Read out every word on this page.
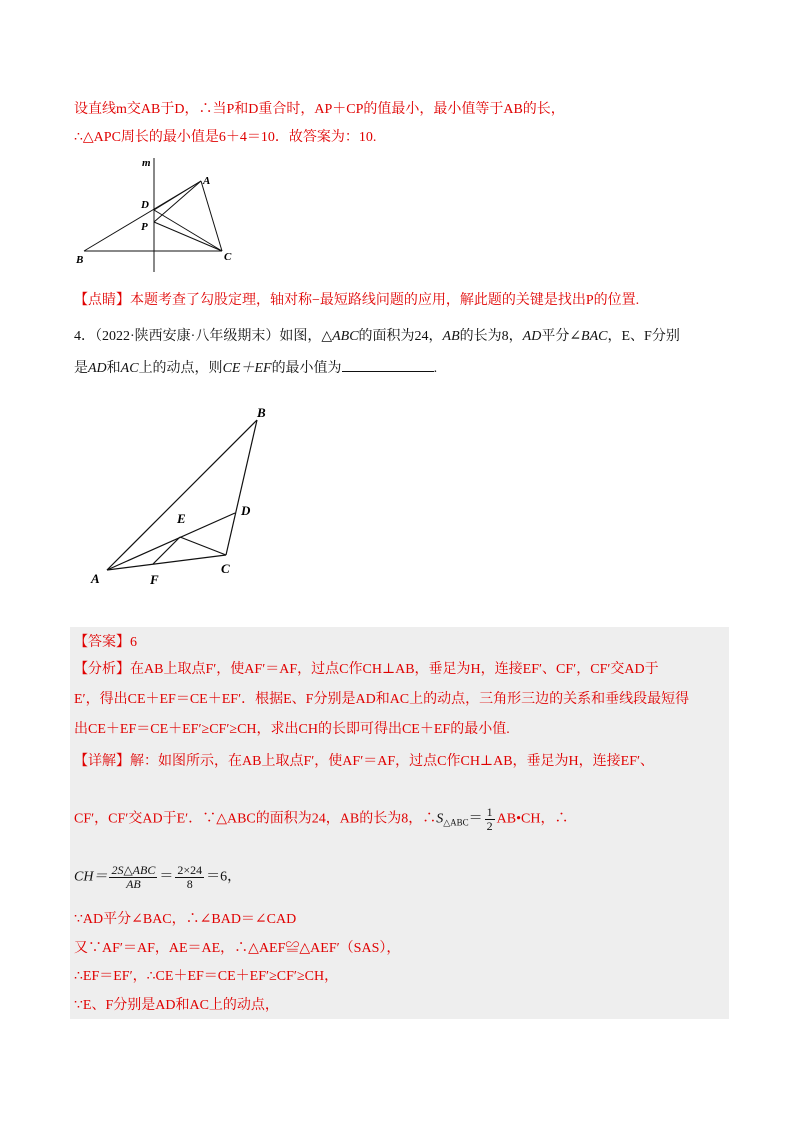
设直线m交AB于D，∴当P和D重合时，AP＋CP的值最小，最小值等于AB的长，
∴△APC周长的最小值是6＋4＝10．故答案为：10.
m
A
D
P
B	C
【点睛】本题考查了勾股定理，轴对称−最短路线问题的应用，解此题的关键是找出P的位置.
4．（2022·陕西安康·八年级期末）如图，△ABC的面积为24，AB的长为8，AD平分∠BAC，E、F分别
是AD和AC上的动点，则CE＋EF的最小值为	.
B
D
E
A	F
C
【答案】6
【分析】在AB上取点F′，使AF′＝AF，过点C作CH⊥AB，垂足为H，连接EF′、CF′，CF′交AD于
E′，得出CE＋EF＝CE＋EF′．根据E、F分别是AD和AC上的动点，三角形三边的关系和垂线段最短得
出CE＋EF＝CE＋EF′≥CF′≥CH，求出CH的长即可得出CE＋EF的最小值.
【详解】解：如图所示，在AB上取点F′，使AF′＝AF，过点C作CH⊥AB，垂足为H，连接EF′、
CF′，CF′交AD于E′．∵△ABC的面积为24，AB的长为8，$\therefore S_{\triangle ABC}= \frac{1}{2}$ AB•CH，∴
$CH= \frac{\text{2S△ABC}}{AB} = \frac{2\times 24}{8} =6$，
∵AD平分∠BAC，∴∠BAD＝∠CAD
又∵AF′＝AF，AE＝AE，∴△AEF≌△AEF′（SAS），
∴EF＝EF′，∴CE＋EF＝CE＋EF′≥CF′≥CH，
∵E、F分别是AD和AC上的动点，
